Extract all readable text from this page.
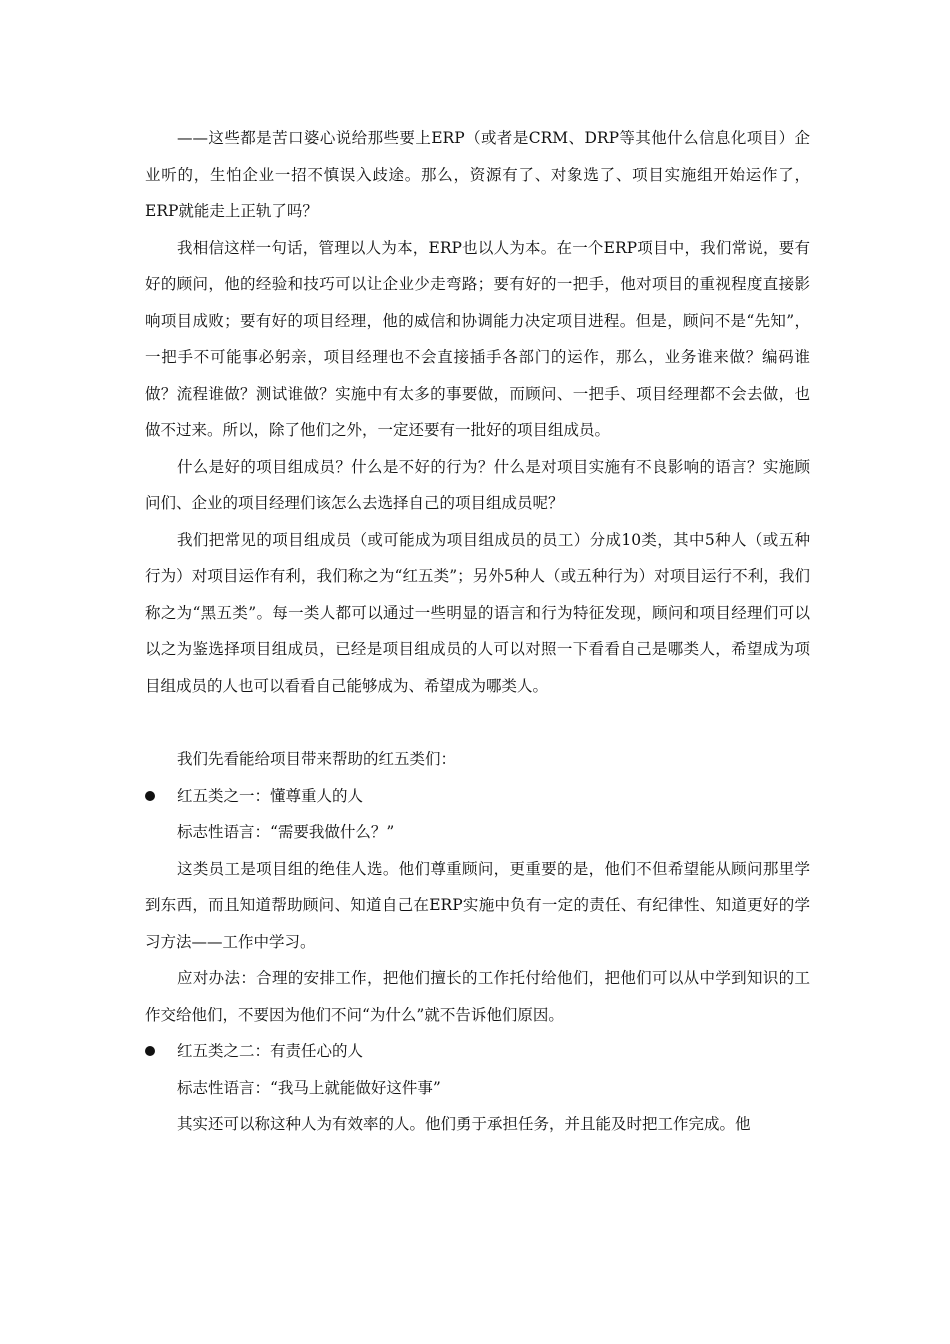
——这些都是苦口婆心说给那些要上ERP（或者是CRM、DRP等其他什么信息化项目）企业听的，生怕企业一招不慎误入歧途。那么，资源有了、对象选了、项目实施组开始运作了，ERP就能走上正轨了吗？

我相信这样一句话，管理以人为本，ERP也以人为本。在一个ERP项目中，我们常说，要有好的顾问，他的经验和技巧可以让企业少走弯路；要有好的一把手，他对项目的重视程度直接影响项目成败；要有好的项目经理，他的威信和协调能力决定项目进程。但是，顾问不是“先知”，一把手不可能事必躬亲，项目经理也不会直接插手各部门的运作，那么，业务谁来做？编码谁做？流程谁做？测试谁做？实施中有太多的事要做，而顾问、一把手、项目经理都不会去做，也做不过来。所以，除了他们之外，一定还要有一批好的项目组成员。

什么是好的项目组成员？什么是不好的行为？什么是对项目实施有不良影响的语言？实施顾问们、企业的项目经理们该怎么去选择自己的项目组成员呢？

我们把常见的项目组成员（或可能成为项目组成员的员工）分成10类，其中5种人（或五种行为）对项目运作有利，我们称之为“红五类”；另外5种人（或五种行为）对项目运行不利，我们称之为“黑五类”。每一类人都可以通过一些明显的语言和行为特征发现，顾问和项目经理们可以以之为鉴选择项目组成员，已经是项目组成员的人可以对照一下看看自己是哪类人，希望成为项目组成员的人也可以看看自己能够成为、希望成为哪类人。

我们先看能给项目带来帮助的红五类们：

红五类之一：懂尊重人的人

标志性语言：“需要我做什么？”

这类员工是项目组的绝佳人选。他们尊重顾问，更重要的是，他们不但希望能从顾问那里学到东西，而且知道帮助顾问、知道自己在ERP实施中负有一定的责任、有纪律性、知道更好的学习方法——工作中学习。

应对办法：合理的安排工作，把他们擅长的工作托付给他们，把他们可以从中学到知识的工作交给他们，不要因为他们不问“为什么”就不告诉他们原因。

红五类之二：有责任心的人

标志性语言：“我马上就能做好这件事”

其实还可以称这种人为有效率的人。他们勇于承担任务，并且能及时把工作完成。他
